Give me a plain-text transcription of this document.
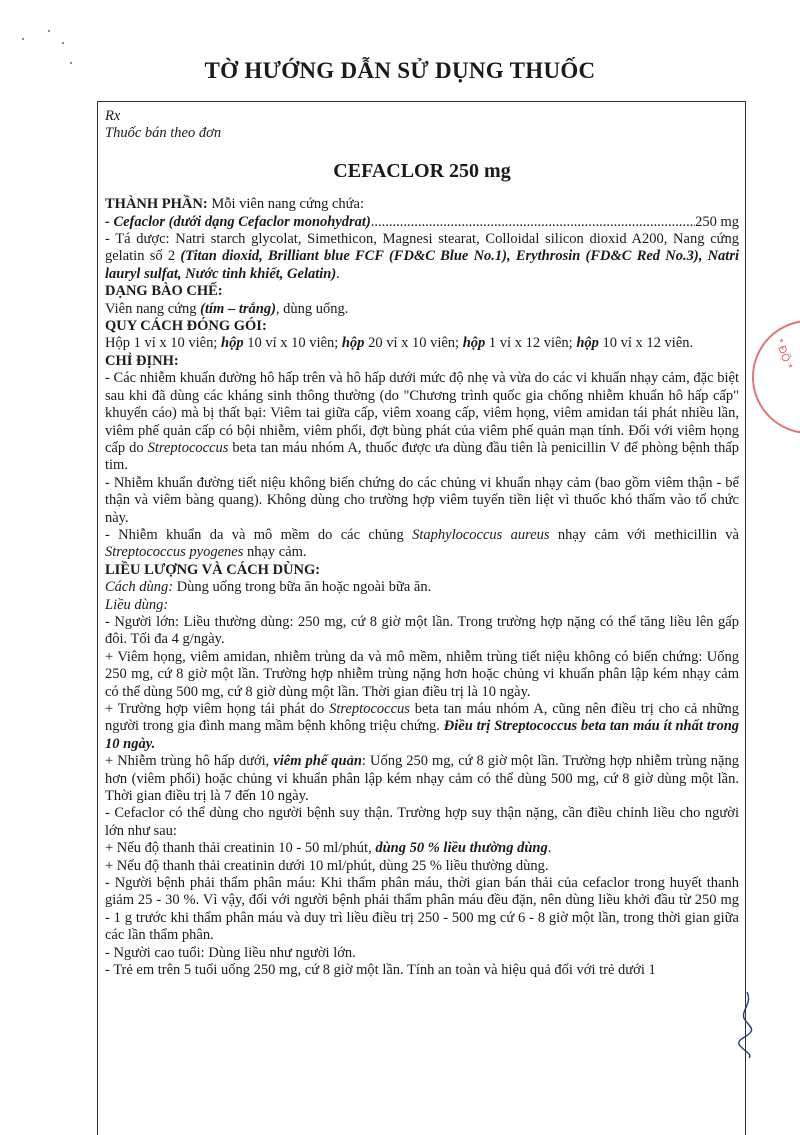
TỜ HƯỚNG DẪN SỬ DỤNG THUỐC
* ĐỘ *
Rx
Thuốc bán theo đơn
CEFACLOR 250 mg

THÀNH PHẦN: Mỗi viên nang cứng chứa:

- Cefaclor (dưới dạng Cefaclor monohydrat)
.....	250 mg

- Tá dược: Natri starch glycolat, Simethicon, Magnesi stearat, Colloidal silicon dioxid A200, Nang cứng gelatin số 2 (Titan dioxid, Brilliant blue FCF (FD&C Blue No.1), Erythrosin (FD&C Red No.3), Natri lauryl sulfat, Nước tinh khiết, Gelatin).

DẠNG BÀO CHẾ:

Viên nang cứng (tím – trắng), dùng uống.

QUY CÁCH ĐÓNG GÓI:

Hộp 1 vỉ x 10 viên; hộp 10 vỉ x 10 viên; hộp 20 vỉ x 10 viên; hộp 1 vỉ x 12 viên; hộp 10 vỉ x 12 viên.

CHỈ ĐỊNH:

- Các nhiễm khuẩn đường hô hấp trên và hô hấp dưới mức độ nhẹ và vừa do các vi khuẩn nhạy cảm, đặc biệt sau khi đã dùng các kháng sinh thông thường (do "Chương trình quốc gia chống nhiễm khuẩn hô hấp cấp" khuyến cáo) mà bị thất bại: Viêm tai giữa cấp, viêm xoang cấp, viêm họng, viêm amidan tái phát nhiều lần, viêm phế quản cấp có bội nhiễm, viêm phổi, đợt bùng phát của viêm phế quản mạn tính. Đối với viêm họng cấp do Streptococcus beta tan máu nhóm A, thuốc được ưa dùng đầu tiên là penicillin V để phòng bệnh thấp tim.

- Nhiễm khuẩn đường tiết niệu không biến chứng do các chủng vi khuẩn nhạy cảm (bao gồm viêm thận - bể thận và viêm bàng quang). Không dùng cho trường hợp viêm tuyến tiền liệt vì thuốc khó thấm vào tổ chức này.

- Nhiễm khuẩn da và mô mềm do các chủng Staphylococcus aureus nhạy cảm với methicillin và Streptococcus pyogenes nhạy cảm.

LIỀU LƯỢNG VÀ CÁCH DÙNG:

Cách dùng: Dùng uống trong bữa ăn hoặc ngoài bữa ăn.

Liều dùng:

- Người lớn: Liều thường dùng: 250 mg, cứ 8 giờ một lần. Trong trường hợp nặng có thể tăng liều lên gấp đôi. Tối đa 4 g/ngày.

+ Viêm họng, viêm amidan, nhiễm trùng da và mô mềm, nhiễm trùng tiết niệu không có biến chứng: Uống 250 mg, cứ 8 giờ một lần. Trường hợp nhiễm trùng nặng hơn hoặc chủng vi khuẩn phân lập kém nhạy cảm có thể dùng 500 mg, cứ 8 giờ dùng một lần. Thời gian điều trị là 10 ngày.

+ Trường hợp viêm họng tái phát do Streptococcus beta tan máu nhóm A, cũng nên điều trị cho cả những người trong gia đình mang mầm bệnh không triệu chứng. Điều trị Streptococcus beta tan máu ít nhất trong 10 ngày.

+ Nhiễm trùng hô hấp dưới, viêm phế quản: Uống 250 mg, cứ 8 giờ một lần. Trường hợp nhiễm trùng nặng hơn (viêm phổi) hoặc chủng vi khuẩn phân lập kém nhạy cảm có thể dùng 500 mg, cứ 8 giờ dùng một lần. Thời gian điều trị là 7 đến 10 ngày.

- Cefaclor có thể dùng cho người bệnh suy thận. Trường hợp suy thận nặng, cần điều chỉnh liều cho người lớn như sau:

+ Nếu độ thanh thải creatinin 10 - 50 ml/phút, dùng 50 % liều thường dùng.

+ Nếu độ thanh thải creatinin dưới 10 ml/phút, dùng 25 % liều thường dùng.

- Người bệnh phải thẩm phân máu: Khi thẩm phân máu, thời gian bán thải của cefaclor trong huyết thanh giảm 25 - 30 %. Vì vậy, đối với người bệnh phải thẩm phân máu đều đặn, nên dùng liều khởi đầu từ 250 mg - 1 g trước khi thẩm phân máu và duy trì liều điều trị 250 - 500 mg cứ 6 - 8 giờ một lần, trong thời gian giữa các lần thẩm phân.

- Người cao tuổi: Dùng liều như người lớn.

- Trẻ em trên 5 tuổi uống 250 mg, cứ 8 giờ một lần. Tính an toàn và hiệu quả đối với trẻ dưới 1
